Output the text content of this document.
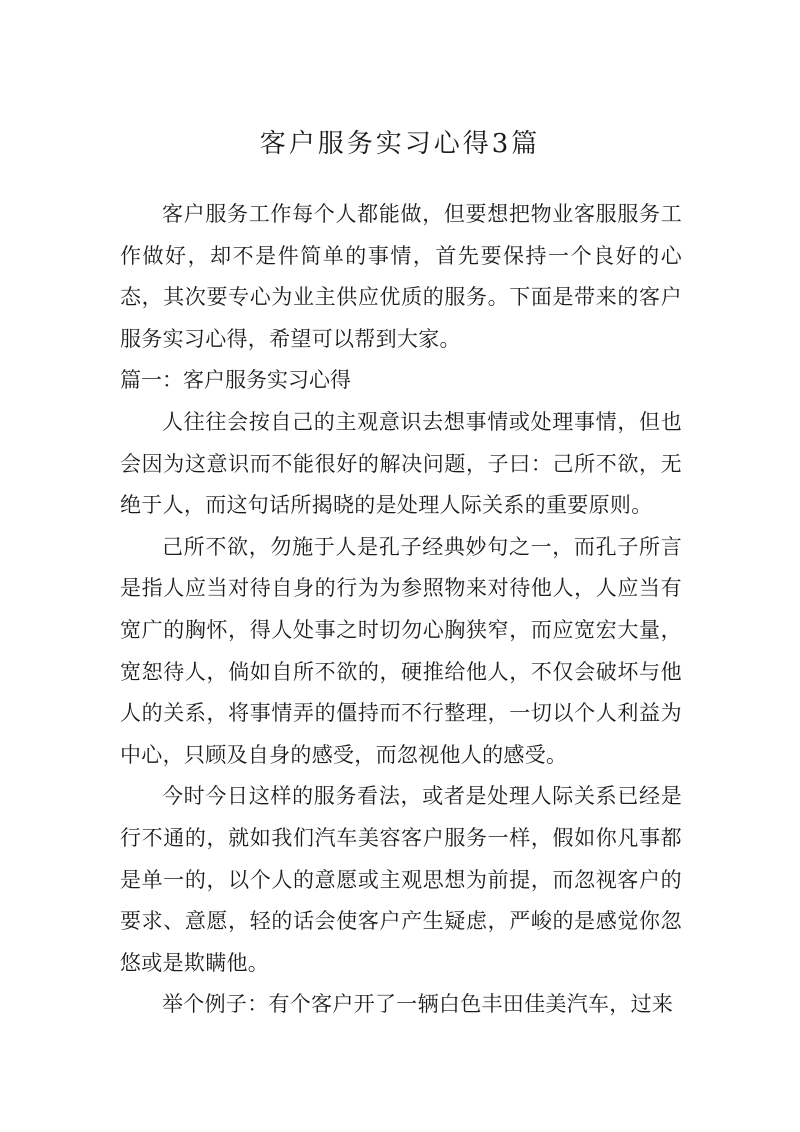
客户服务实习心得3篇

客户服务工作每个人都能做，但要想把物业客服服务工作做好，却不是件简单的事情，首先要保持一个良好的心态，其次要专心为业主供应优质的服务。下面是带来的客户服务实习心得，希望可以帮到大家。

篇一：客户服务实习心得

人往往会按自己的主观意识去想事情或处理事情，但也会因为这意识而不能很好的解决问题，子曰：己所不欲，无绝于人，而这句话所揭晓的是处理人际关系的重要原则。

己所不欲，勿施于人是孔子经典妙句之一，而孔子所言是指人应当对待自身的行为为参照物来对待他人，人应当有宽广的胸怀，得人处事之时切勿心胸狭窄，而应宽宏大量，宽恕待人，倘如自所不欲的，硬推给他人，不仅会破坏与他人的关系，将事情弄的僵持而不行整理，一切以个人利益为中心，只顾及自身的感受，而忽视他人的感受。

今时今日这样的服务看法，或者是处理人际关系已经是行不通的，就如我们汽车美容客户服务一样，假如你凡事都是单一的，以个人的意愿或主观思想为前提，而忽视客户的要求、意愿，轻的话会使客户产生疑虑，严峻的是感觉你忽悠或是欺瞒他。

举个例子：有个客户开了一辆白色丰田佳美汽车，过来
